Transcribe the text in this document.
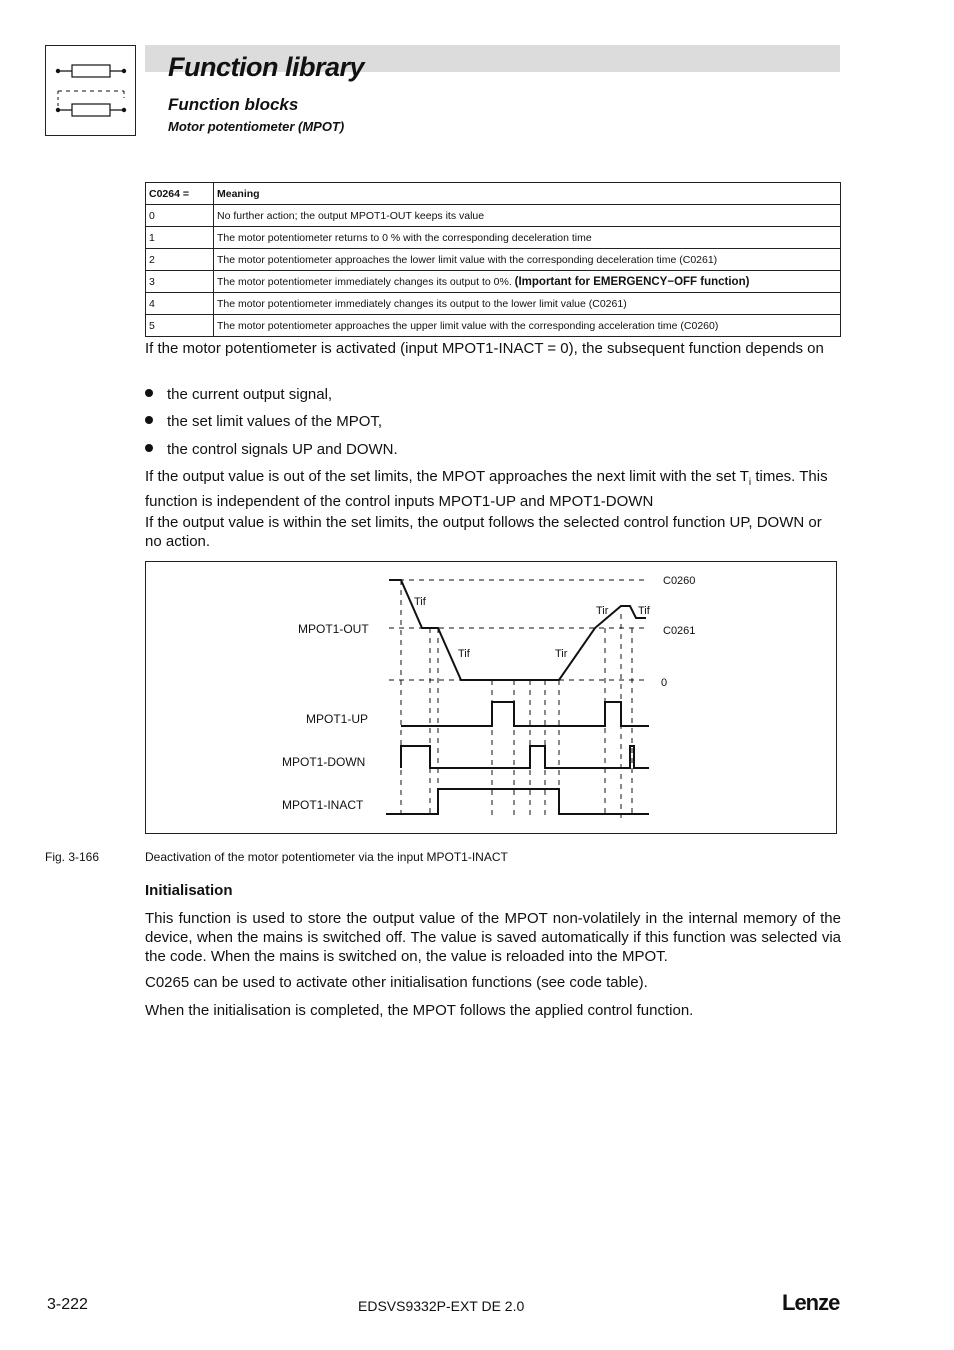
Function library
Function blocks
Motor potentiometer (MPOT)
C0264 =	Meaning
0	No further action; the output MPOT1-OUT keeps its value
1	The motor potentiometer returns to 0 % with the corresponding deceleration time
2	The motor potentiometer approaches the lower limit value with the corresponding deceleration time (C0261)
3	The motor potentiometer immediately changes its output to 0%. (Important for EMERGENCY−OFF function)
4	The motor potentiometer immediately changes its output to the lower limit value (C0261)
5	The motor potentiometer approaches the upper limit value with the corresponding acceleration time (C0260)

If the motor potentiometer is activated (input MPOT1-INACT = 0), the subsequent function depends on

the current output signal,
the set limit values of the MPOT,
the control signals UP and DOWN.

If the output value is out of the set limits, the MPOT approaches the next limit with the set $T_i$ times. This function is independent of the control inputs MPOT1-UP and MPOT1-DOWN

If the output value is within the set limits, the output follows the selected control function UP, DOWN or no action.

MPOT1-OUT
MPOT1-UP
MPOT1-DOWN
MPOT1-INACT
C0260
C0261
0
Tif
Tif	Tir
Tir	Tif
Fig. 3-166	Deactivation of the motor potentiometer via the input MPOT1-INACT
Initialisation

This function is used to store the output value of the MPOT non-volatilely in the internal memory of the device, when the mains is switched off. The value is saved automatically if this function was selected via the code. When the mains is switched on, the value is reloaded into the MPOT.

C0265 can be used to activate other initialisation functions (see code table).

When the initialisation is completed, the MPOT follows the applied control function.

3-222	EDSVS9332P-EXT DE 2.0	Lenze
